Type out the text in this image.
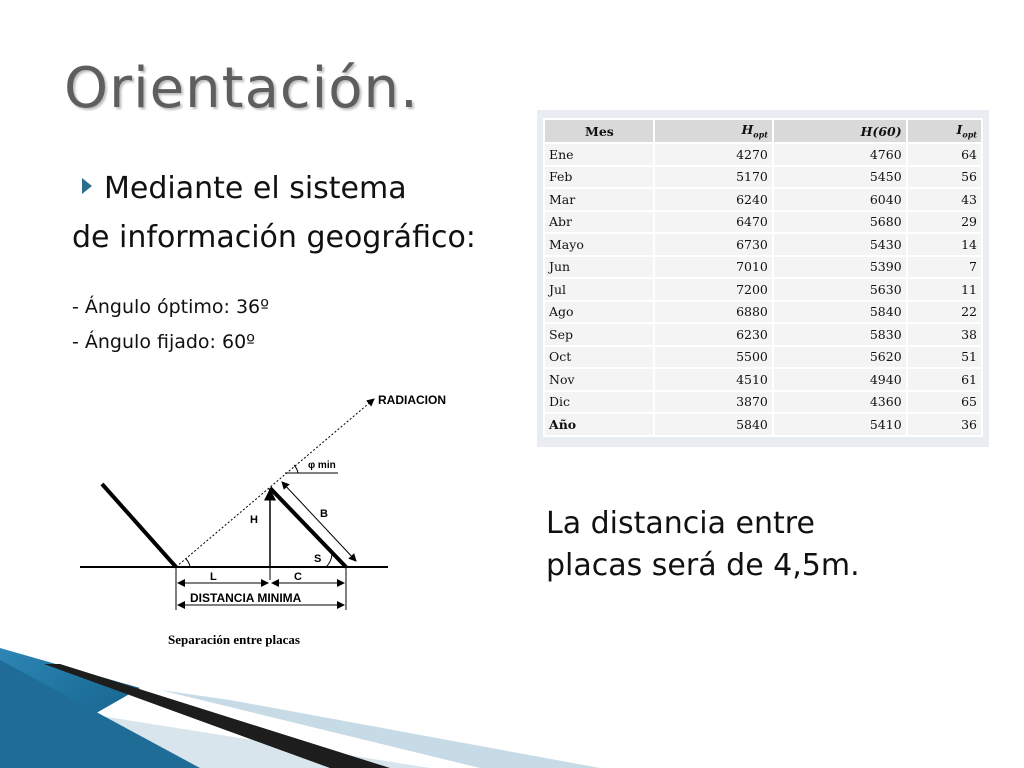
Orientación.
Mediante el sistema
de información geográfico:
- Ángulo óptimo: 36º
- Ángulo fijado: 60º
Mes	$H_{opt}$	H(60)	$I_{opt}$
Ene	4270	4760	64
Feb	5170	5450	56
Mar	6240	6040	43
Abr	6470	5680	29
Mayo	6730	5430	14
Jun	7010	5390	7
Jul	7200	5630	11
Ago	6880	5840	22
Sep	6230	5830	38
Oct	5500	5620	51
Nov	4510	4940	61
Dic	3870	4360	65
Año	5840	5410	36
RADIACION
φ min
H	B
S
L	C
DISTANCIA MINIMA
Separación entre placas
La distancia entre
placas será de 4,5m.
